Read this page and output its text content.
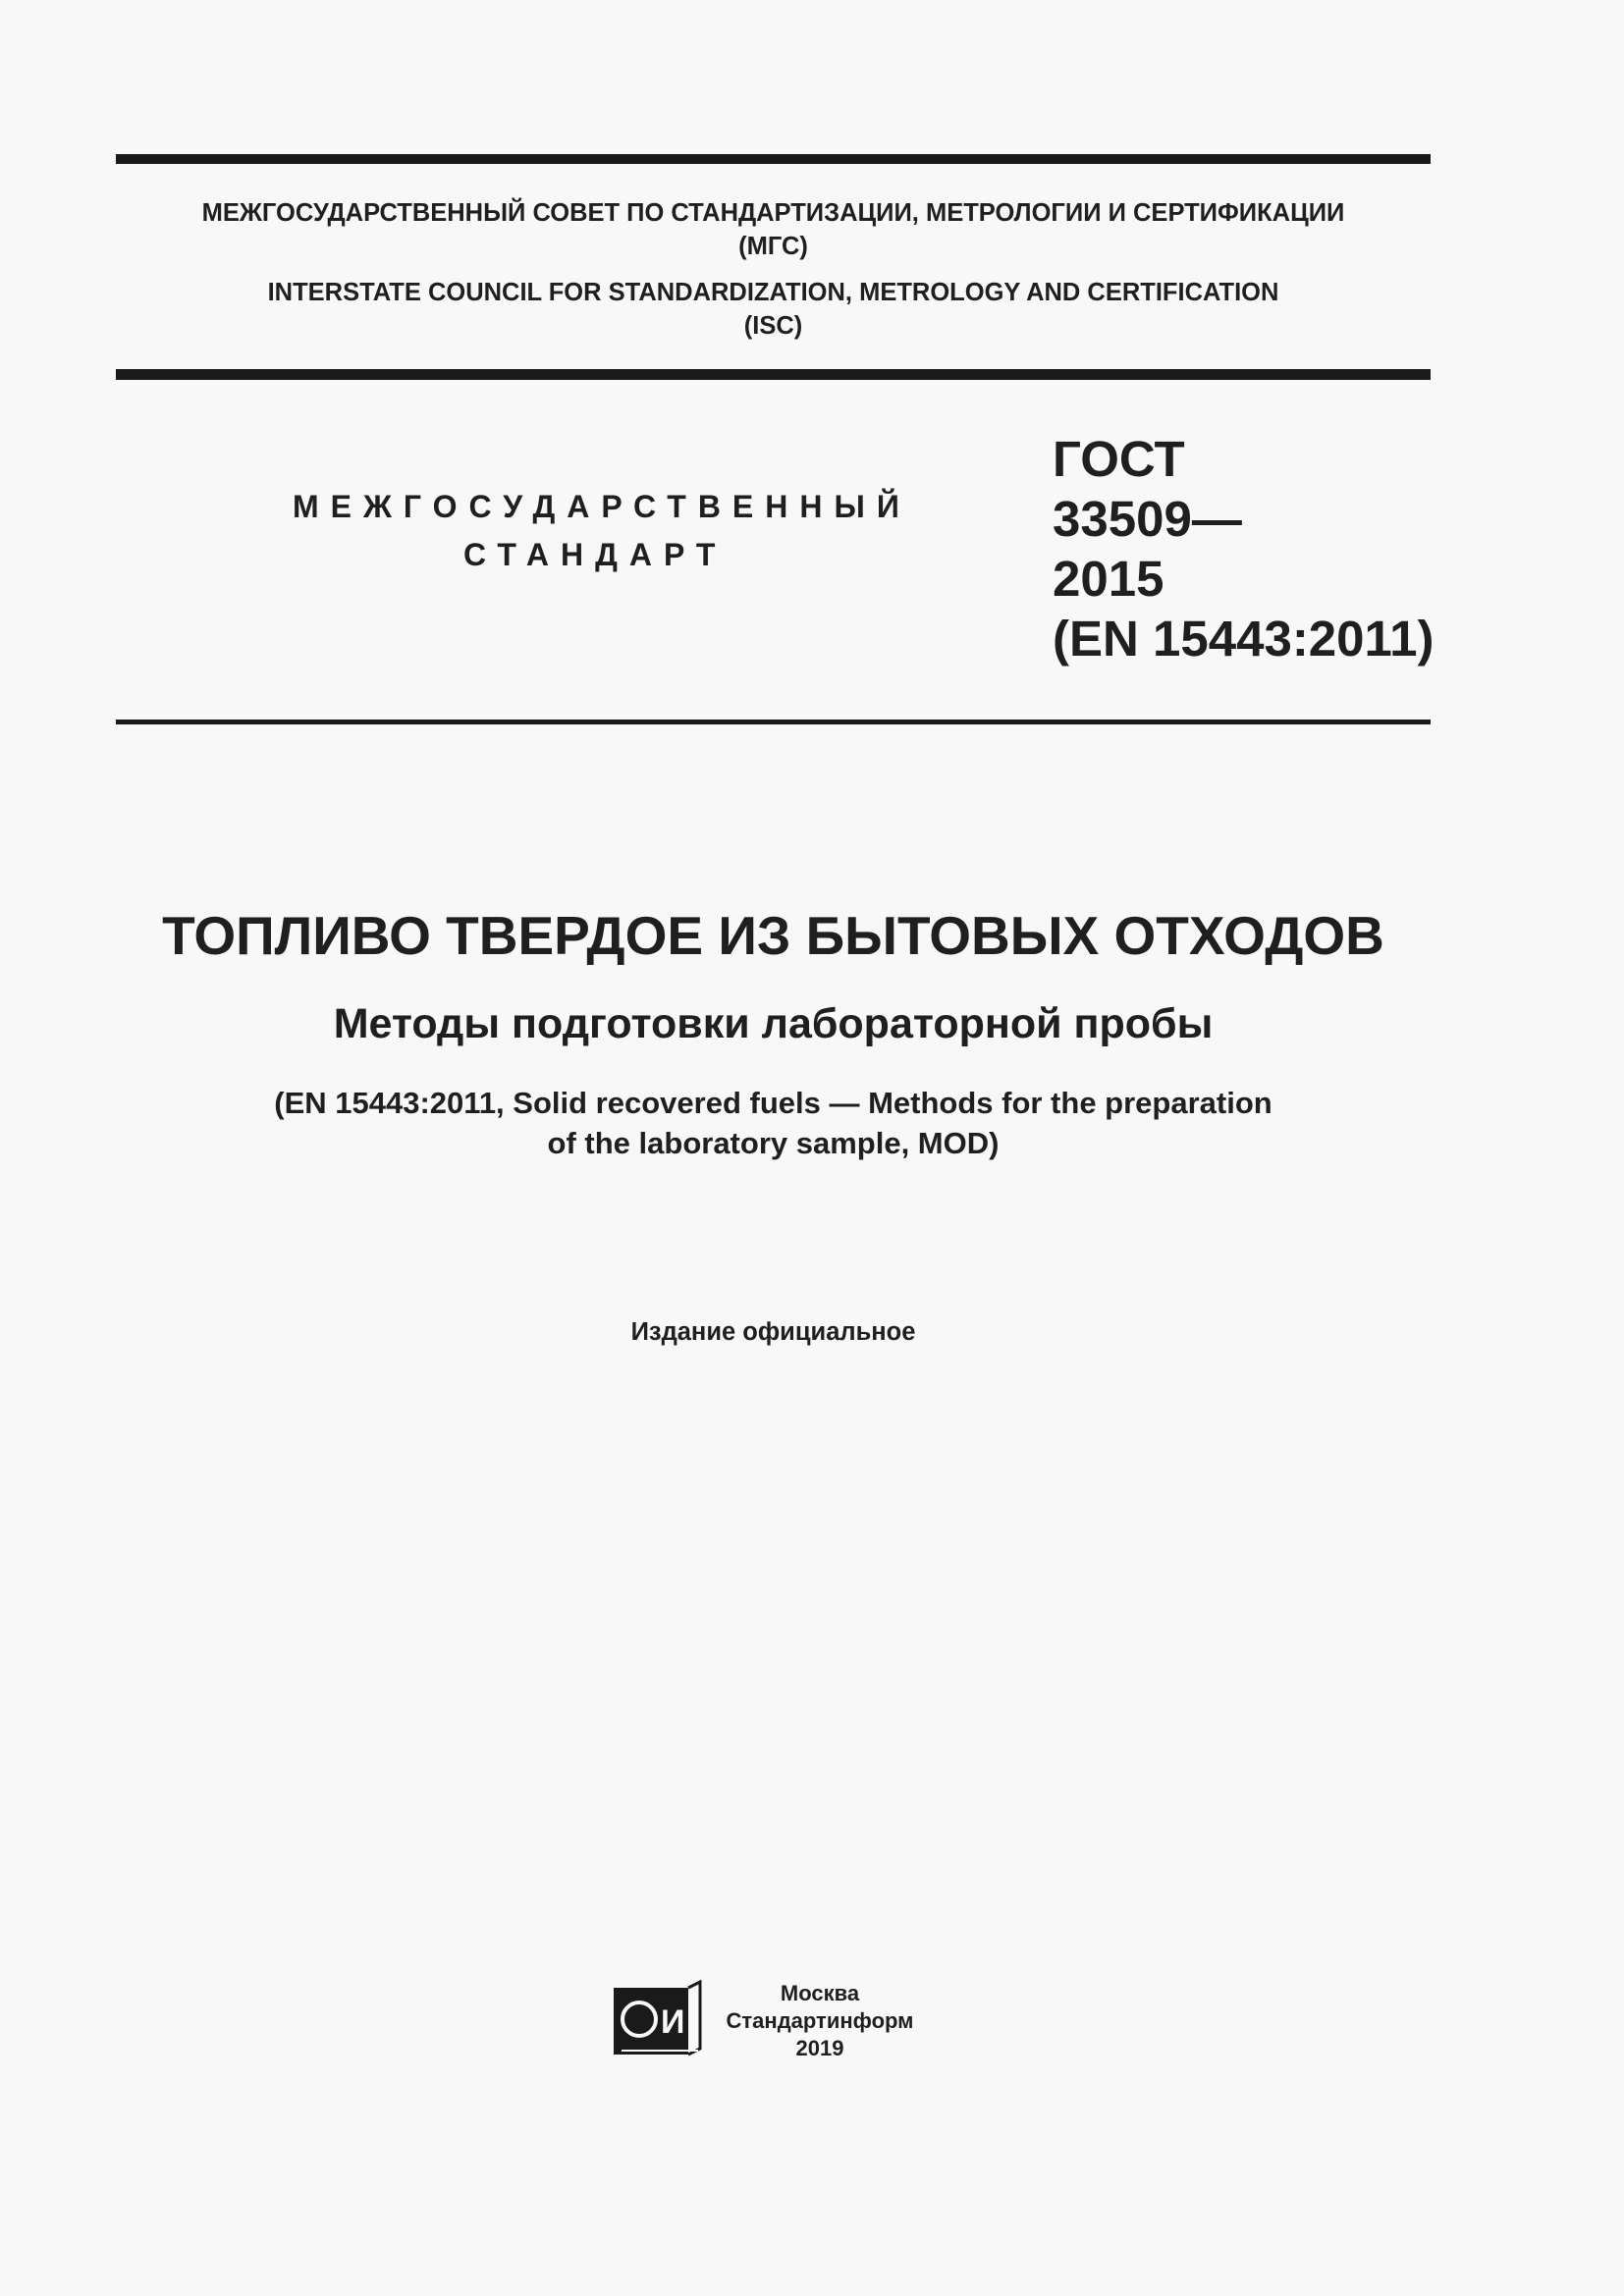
МЕЖГОСУДАРСТВЕННЫЙ СОВЕТ ПО СТАНДАРТИЗАЦИИ, МЕТРОЛОГИИ И СЕРТИФИКАЦИИ
(МГС)
INTERSTATE COUNCIL FOR STANDARDIZATION, METROLOGY AND CERTIFICATION
(ISC)
МЕЖГОСУДАРСТВЕННЫЙ
СТАНДАРТ
ГОСТ
33509—
2015
(EN 15443:2011)
ТОПЛИВО ТВЕРДОЕ ИЗ БЫТОВЫХ ОТХОДОВ
Методы подготовки лабораторной пробы
(EN 15443:2011, Solid recovered fuels — Methods for the preparation
of the laboratory sample, MOD)
Издание официальное
И
Москва
Стандартинформ
2019
